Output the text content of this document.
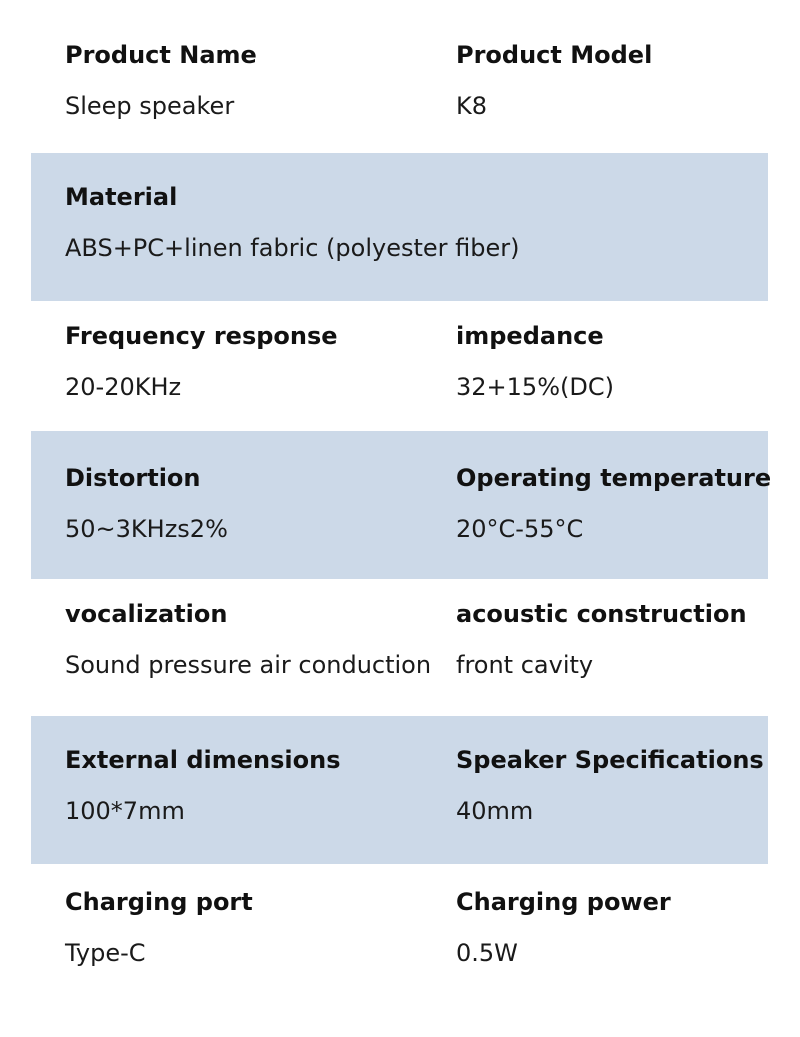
Product Name
Sleep speaker
Product Model
K8
Material
ABS+PC+linen fabric (polyester fiber)
Frequency response
20-20KHz
impedance
32+15%(DC)
Distortion
50~3KHzs2%
Operating temperature
20°C-55°C
vocalization
Sound pressure air conduction
acoustic construction
front cavity
External dimensions
100*7mm
Speaker Specifications
40mm
Charging port
Type-C
Charging power
0.5W
